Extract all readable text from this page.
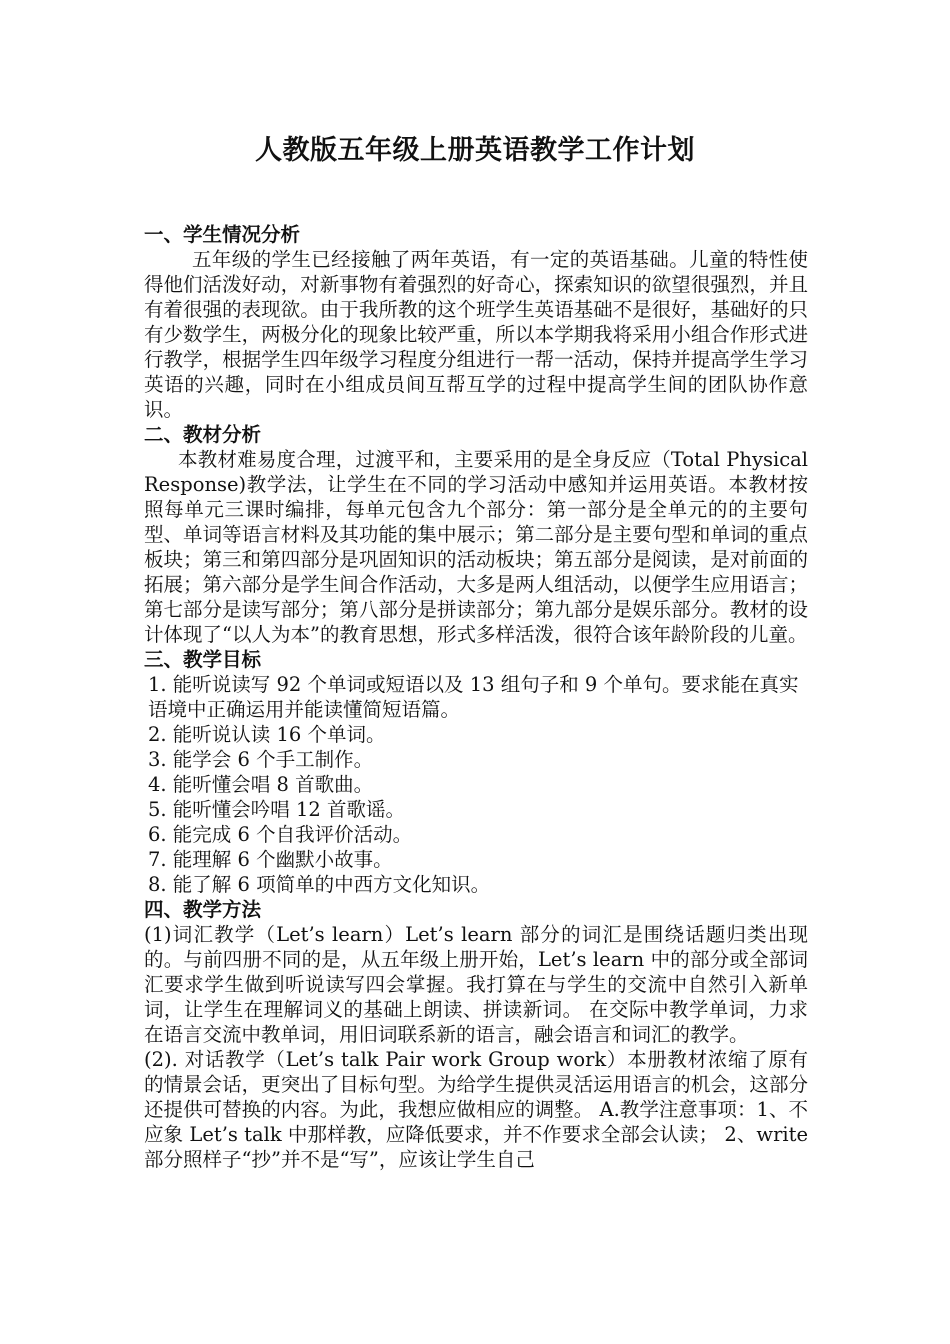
人教版五年级上册英语教学工作计划

一、学生情况分析

五年级的学生已经接触了两年英语，有一定的英语基础。儿童的特性使得他们活泼好动，对新事物有着强烈的好奇心，探索知识的欲望很强烈，并且有着很强的表现欲。由于我所教的这个班学生英语基础不是很好，基础好的只有少数学生，两极分化的现象比较严重，所以本学期我将采用小组合作形式进行教学，根据学生四年级学习程度分组进行一帮一活动，保持并提高学生学习英语的兴趣，同时在小组成员间互帮互学的过程中提高学生间的团队协作意识。

二、教材分析

本教材难易度合理，过渡平和，主要采用的是全身反应（Total Physical Response)教学法，让学生在不同的学习活动中感知并运用英语。本教材按照每单元三课时编排，每单元包含九个部分：第一部分是全单元的的主要句型、单词等语言材料及其功能的集中展示；第二部分是主要句型和单词的重点板块；第三和第四部分是巩固知识的活动板块；第五部分是阅读，是对前面的拓展；第六部分是学生间合作活动，大多是两人组活动，以便学生应用语言；第七部分是读写部分；第八部分是拼读部分；第九部分是娱乐部分。教材的设计体现了“以人为本”的教育思想，形式多样活泼，很符合该年龄阶段的儿童。

三、教学目标

1. 能听说读写 92 个单词或短语以及 13 组句子和 9 个单句。要求能在真实 语境中正确运用并能读懂简短语篇。

2. 能听说认读 16 个单词。

3. 能学会 6 个手工制作。

4. 能听懂会唱 8 首歌曲。

5. 能听懂会吟唱 12 首歌谣。

6. 能完成 6 个自我评价活动。

7. 能理解 6 个幽默小故事。

8. 能了解 6 项简单的中西方文化知识。

四、教学方法

(1)词汇教学（Let’s learn）Let’s learn 部分的词汇是围绕话题归类出现的。与前四册不同的是，从五年级上册开始，Let’s learn 中的部分或全部词汇要求学生做到听说读写四会掌握。我打算在与学生的交流中自然引入新单词，让学生在理解词义的基础上朗读、拼读新词。 在交际中教学单词，力求在语言交流中教单词，用旧词联系新的语言，融会语言和词汇的教学。

(2). 对话教学（Let’s talk Pair work Group work）本册教材浓缩了原有的情景会话，更突出了目标句型。为给学生提供灵活运用语言的机会，这部分还提供可替换的内容。为此，我想应做相应的调整。 A.教学注意事项：1、不应象 Let’s talk 中那样教，应降低要求，并不作要求全部会认读； 2、write 部分照样子“抄”并不是“写”，应该让学生自己
